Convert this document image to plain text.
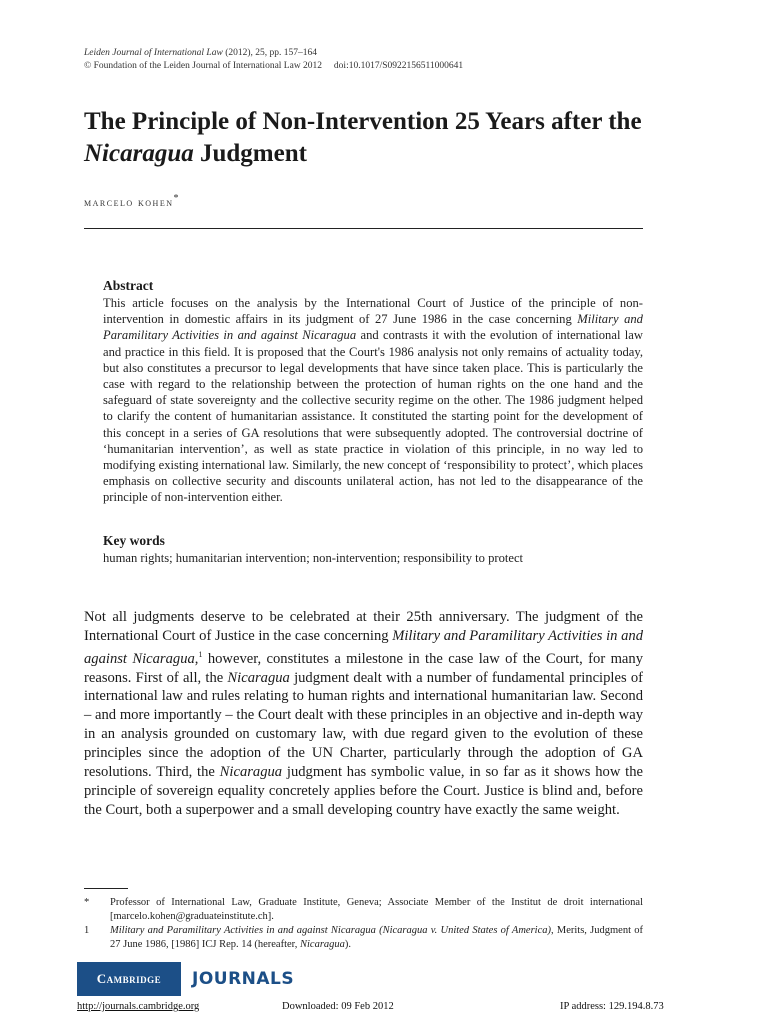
Leiden Journal of International Law (2012), 25, pp. 157–164
© Foundation of the Leiden Journal of International Law 2012     doi:10.1017/S0922156511000641
The Principle of Non-Intervention 25 Years after the Nicaragua Judgment
marcelo kohen*
Abstract

This article focuses on the analysis by the International Court of Justice of the principle of non-intervention in domestic affairs in its judgment of 27 June 1986 in the case concerning Military and Paramilitary Activities in and against Nicaragua and contrasts it with the evolution of international law and practice in this field. It is proposed that the Court's 1986 analysis not only remains of actuality today, but also constitutes a precursor to legal developments that have since taken place. This is particularly the case with regard to the relationship between the protection of human rights on the one hand and the safeguard of state sovereignty and the collective security regime on the other. The 1986 judgment helped to clarify the content of humanitarian assistance. It constituted the starting point for the development of this concept in a series of GA resolutions that were subsequently adopted. The controversial doctrine of ‘humanitarian intervention’, as well as state practice in violation of this principle, in no way led to modifying existing international law. Similarly, the new concept of ‘responsibility to protect’, which places emphasis on collective security and discounts unilateral action, has not led to the disappearance of the principle of non-intervention either.

Key words

human rights; humanitarian intervention; non-intervention; responsibility to protect

Not all judgments deserve to be celebrated at their 25th anniversary. The judgment of the International Court of Justice in the case concerning Military and Paramilitary Activities in and against Nicaragua,$^1$ however, constitutes a milestone in the case law of the Court, for many reasons. First of all, the Nicaragua judgment dealt with a number of fundamental principles of international law and rules relating to human rights and international humanitarian law. Second – and more importantly – the Court dealt with these principles in an objective and in-depth way in an analysis grounded on customary law, with due regard given to the evolution of these principles since the adoption of the UN Charter, particularly through the adoption of GA resolutions. Third, the Nicaragua judgment has symbolic value, in so far as it shows how the principle of sovereign equality concretely applies before the Court. Justice is blind and, before the Court, both a superpower and a small developing country have exactly the same weight.

* Professor of International Law, Graduate Institute, Geneva; Associate Member of the Institut de droit international [marcelo.kohen@graduateinstitute.ch].
1 Military and Paramilitary Activities in and against Nicaragua (Nicaragua v. United States of America), Merits, Judgment of 27 June 1986, [1986] ICJ Rep. 14 (hereafter, Nicaragua).
Cambridge	JOURNALS
http://journals.cambridge.org	Downloaded: 09 Feb 2012	IP address: 129.194.8.73
